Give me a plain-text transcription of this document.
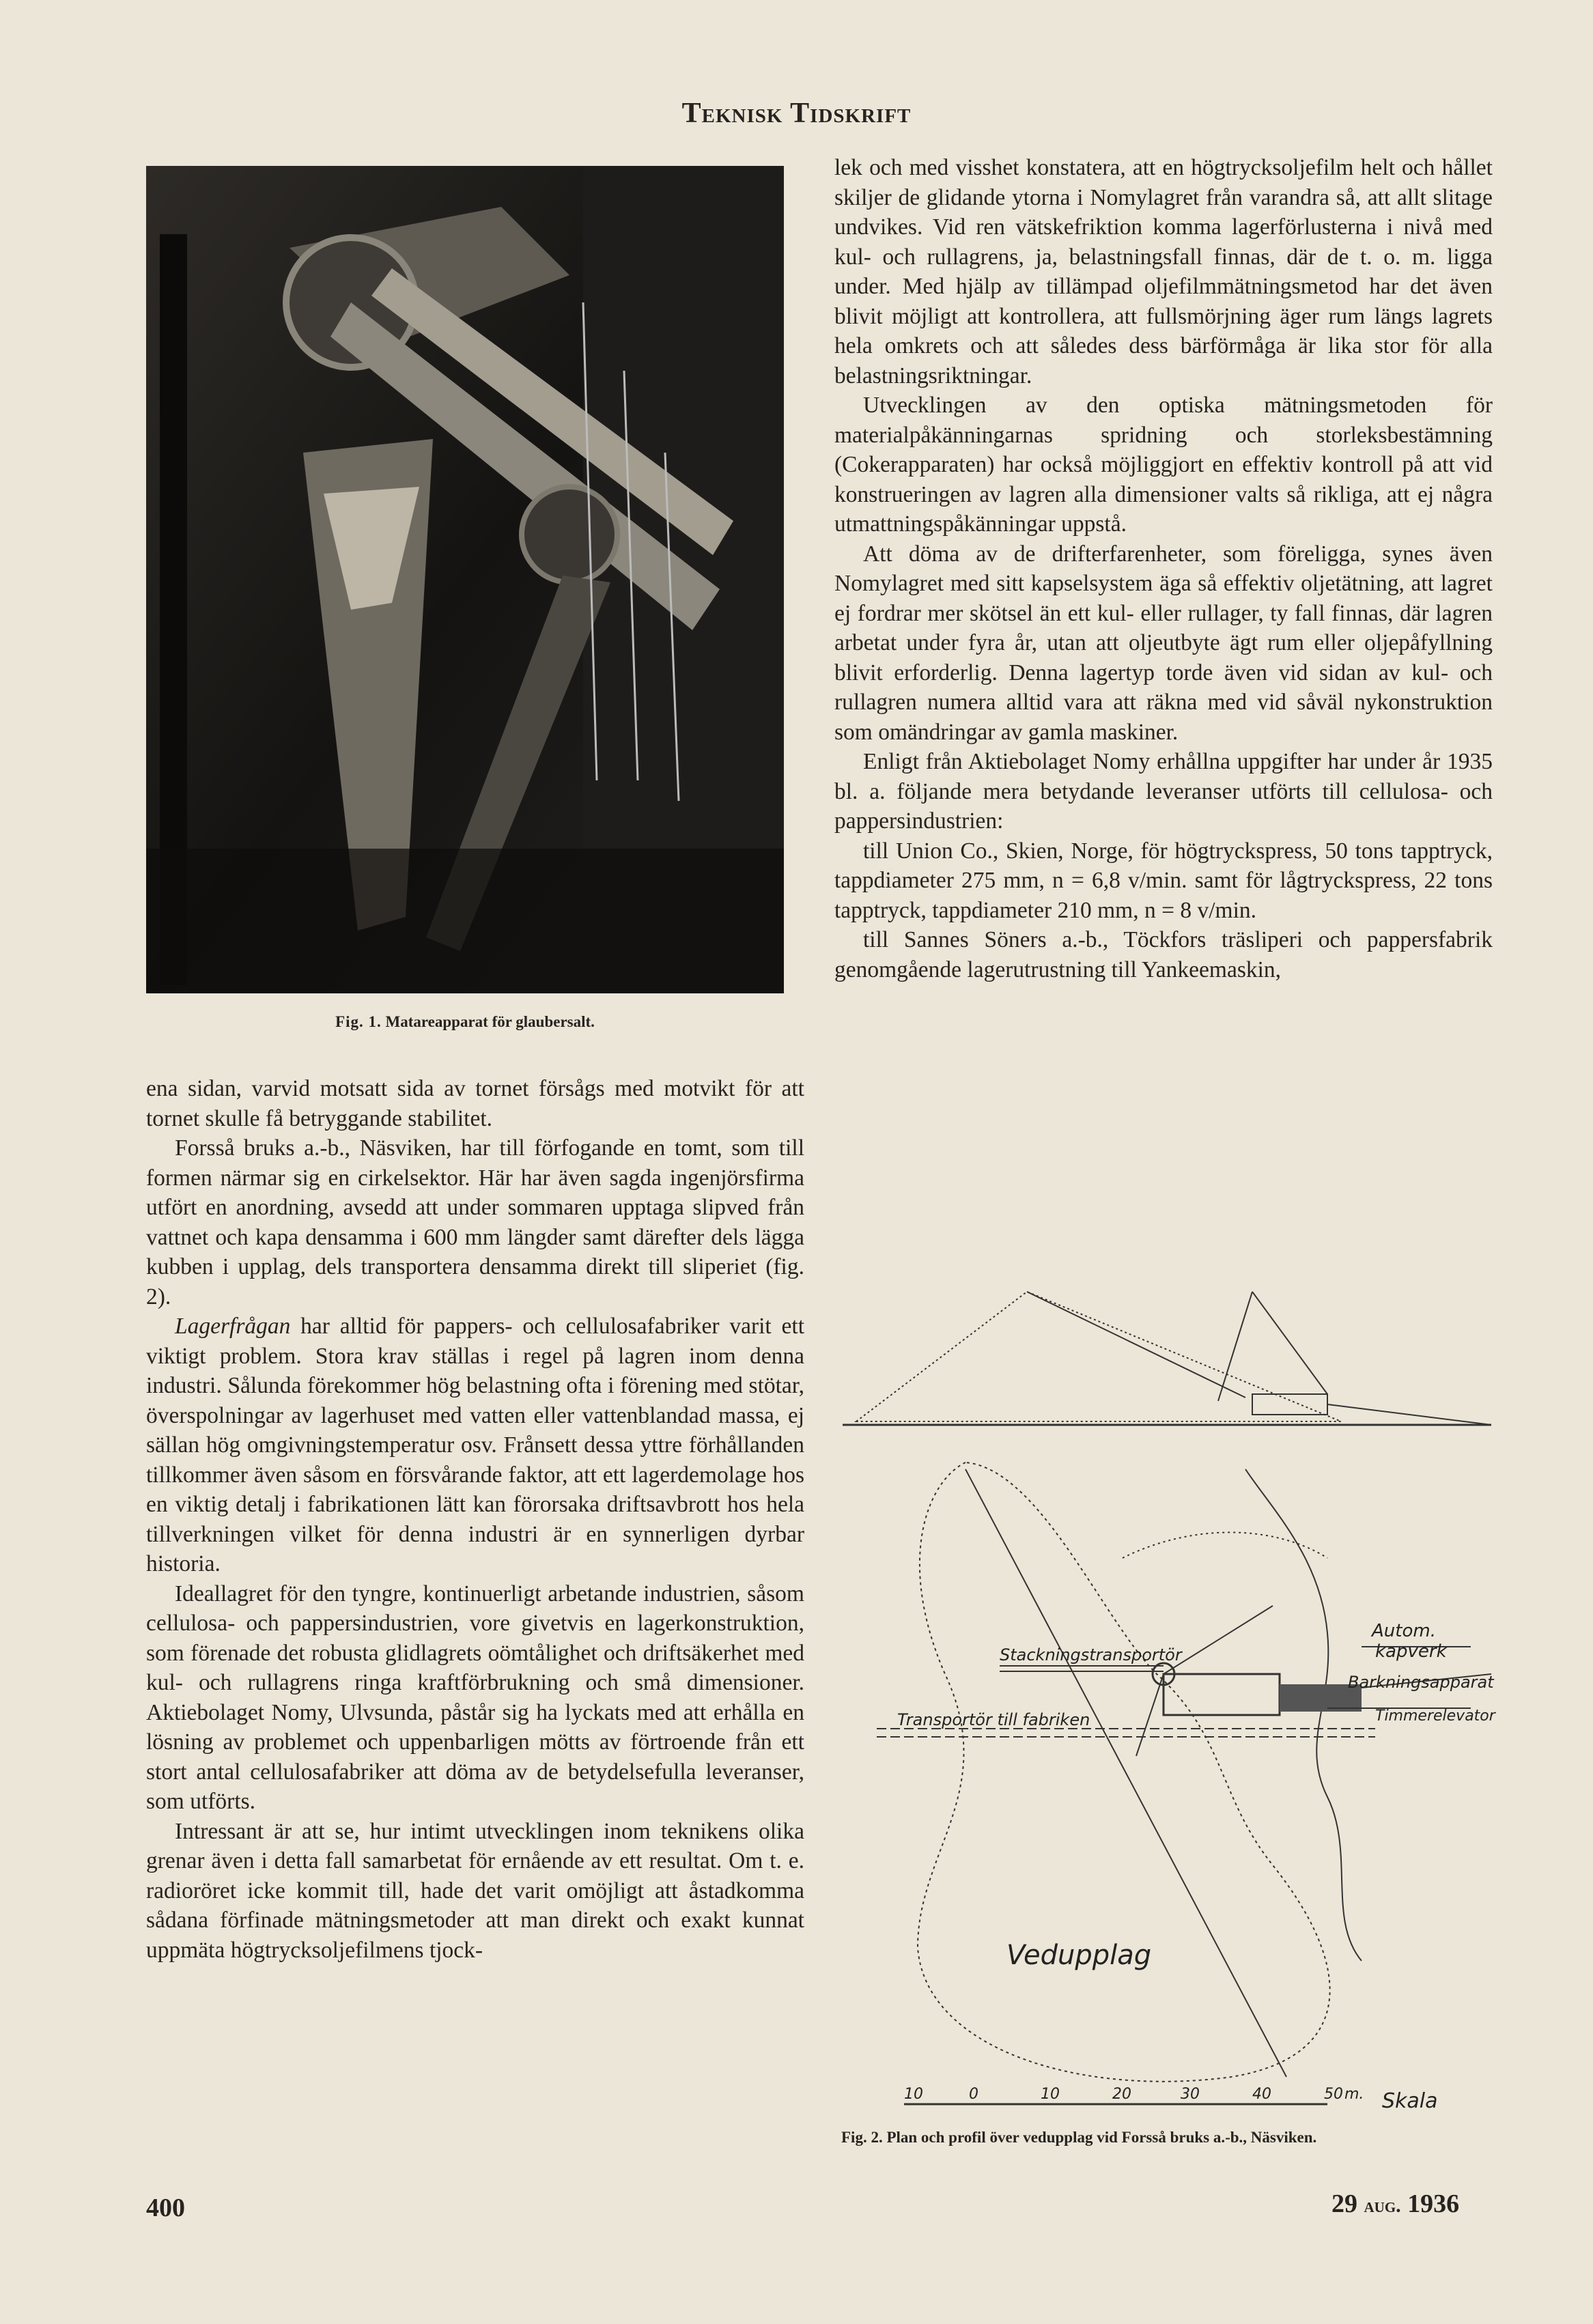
Teknisk Tidskrift
Fig. 1. Matareapparat för glaubersalt.

ena sidan, varvid motsatt sida av tornet försågs med motvikt för att tornet skulle få betryggande stabilitet.

Forsså bruks a.-b., Näsviken, har till förfogande en tomt, som till formen närmar sig en cirkelsektor. Här har även sagda ingenjörsfirma utfört en anordning, avsedd att under sommaren upptaga slipved från vattnet och kapa densamma i 600 mm längder samt därefter dels lägga kubben i upplag, dels transportera densamma direkt till sliperiet (fig. 2).

Lagerfrågan har alltid för pappers- och cellulosafabriker varit ett viktigt problem. Stora krav ställas i regel på lagren inom denna industri. Sålunda förekommer hög belastning ofta i förening med stötar, överspolningar av lagerhuset med vatten eller vattenblandad massa, ej sällan hög omgivningstemperatur osv. Frånsett dessa yttre förhållanden tillkommer även såsom en försvårande faktor, att ett lagerdemolage hos en viktig detalj i fabrikationen lätt kan förorsaka driftsavbrott hos hela tillverkningen vilket för denna industri är en synnerligen dyrbar historia.

Ideallagret för den tyngre, kontinuerligt arbetande industrien, såsom cellulosa- och pappersindustrien, vore givetvis en lagerkonstruktion, som förenade det robusta glidlagrets oömtålighet och driftsäkerhet med kul- och rullagrens ringa kraftförbrukning och små dimensioner. Aktiebolaget Nomy, Ulvsunda, påstår sig ha lyckats med att erhålla en lösning av problemet och uppenbarligen mötts av förtroende från ett stort antal cellulosafabriker att döma av de betydelsefulla leveranser, som utförts.

Intressant är att se, hur intimt utvecklingen inom teknikens olika grenar även i detta fall samarbetat för ernående av ett resultat. Om t. e. radioröret icke kommit till, hade det varit omöjligt att åstadkomma sådana förfinade mätningsmetoder att man direkt och exakt kunnat uppmäta högtrycksoljefilmens tjock-

lek och med visshet konstatera, att en högtrycksoljefilm helt och hållet skiljer de glidande ytorna i Nomylagret från varandra så, att allt slitage undvikes. Vid ren vätskefriktion komma lagerförlusterna i nivå med kul- och rullagrens, ja, belastningsfall finnas, där de t. o. m. ligga under. Med hjälp av tillämpad oljefilmmätningsmetod har det även blivit möjligt att kontrollera, att fullsmörjning äger rum längs lagrets hela omkrets och att således dess bärförmåga är lika stor för alla belastningsriktningar.

Utvecklingen av den optiska mätningsmetoden för materialpåkänningarnas spridning och storleksbestämning (Cokerapparaten) har också möjliggjort en effektiv kontroll på att vid konstrueringen av lagren alla dimensioner valts så rikliga, att ej några utmattningspåkänningar uppstå.

Att döma av de drifterfarenheter, som föreligga, synes även Nomylagret med sitt kapselsystem äga så effektiv oljetätning, att lagret ej fordrar mer skötsel än ett kul- eller rullager, ty fall finnas, där lagren arbetat under fyra år, utan att oljeutbyte ägt rum eller oljepåfyllning blivit erforderlig. Denna lagertyp torde även vid sidan av kul- och rullagren numera alltid vara att räkna med vid såväl nykonstruktion som omändringar av gamla maskiner.

Enligt från Aktiebolaget Nomy erhållna uppgifter har under år 1935 bl. a. följande mera betydande leveranser utförts till cellulosa- och pappersindustrien:

till Union Co., Skien, Norge, för högtryckspress, 50 tons tapptryck, tappdiameter 275 mm, n = 6,8 v/min. samt för lågtryckspress, 22 tons tapptryck, tappdiameter 210 mm, n = 8 v/min.

till Sannes Söners a.-b., Töckfors träsliperi och pappersfabrik genomgående lagerutrustning till Yankeemaskin,

Autom.
kapverk
Barkningsapparat
Timmerelevator
Stackningstransportör
Transportör till fabriken
Vedupplag
10	0	10	20	30	40	50 m. Skala
Fig. 2. Plan och profil över vedupplag vid Forsså bruks a.-b., Näsviken.
400	29 aug. 1936
